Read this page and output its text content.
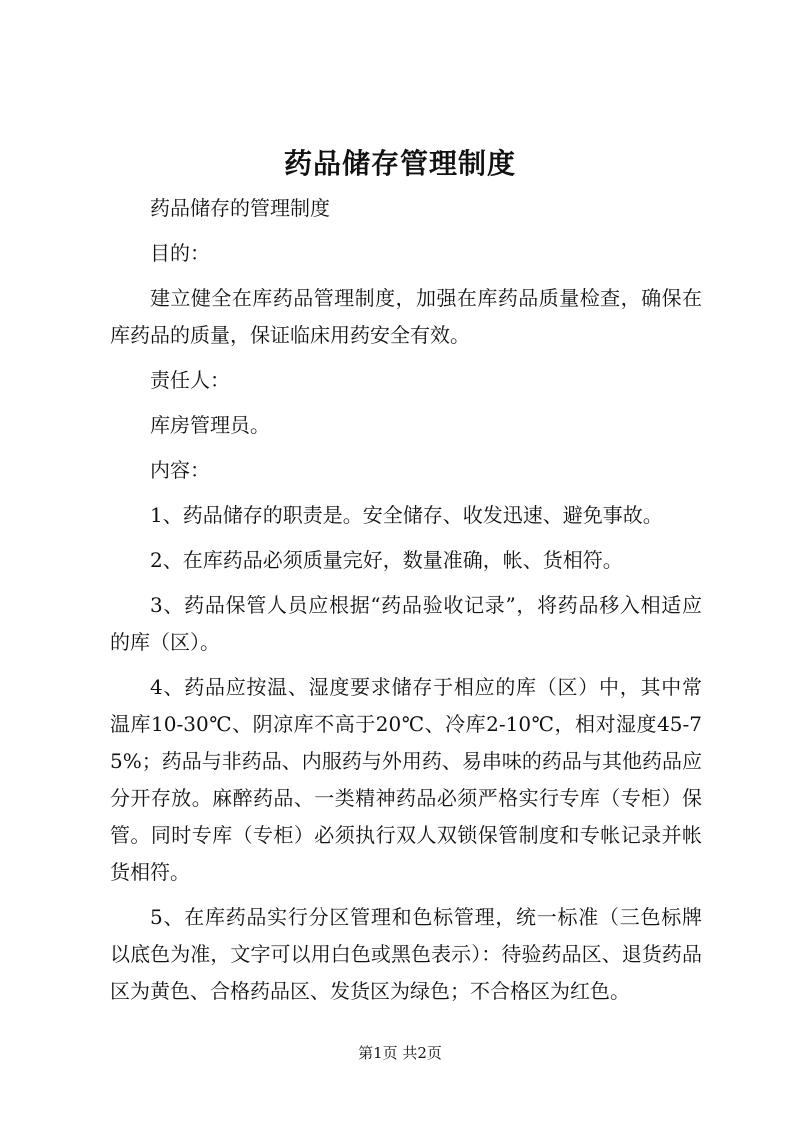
药品储存管理制度

药品储存的管理制度

目的：

建立健全在库药品管理制度，加强在库药品质量检查，确保在库药品的质量，保证临床用药安全有效。

责任人：

库房管理员。

内容：

1、药品储存的职责是。安全储存、收发迅速、避免事故。

2、在库药品必须质量完好，数量准确，帐、货相符。

3、药品保管人员应根据“药品验收记录”，将药品移入相适应的库（区）。

4、药品应按温、湿度要求储存于相应的库（区）中，其中常温库10-30℃、阴凉库不高于20℃、冷库2-10℃，相对湿度45-75%；药品与非药品、内服药与外用药、易串味的药品与其他药品应分开存放。麻醉药品、一类精神药品必须严格实行专库（专柜）保管。同时专库（专柜）必须执行双人双锁保管制度和专帐记录并帐货相符。

5、在库药品实行分区管理和色标管理，统一标准（三色标牌以底色为准，文字可以用白色或黑色表示）：待验药品区、退货药品区为黄色、合格药品区、发货区为绿色；不合格区为红色。

第1页 共2页
